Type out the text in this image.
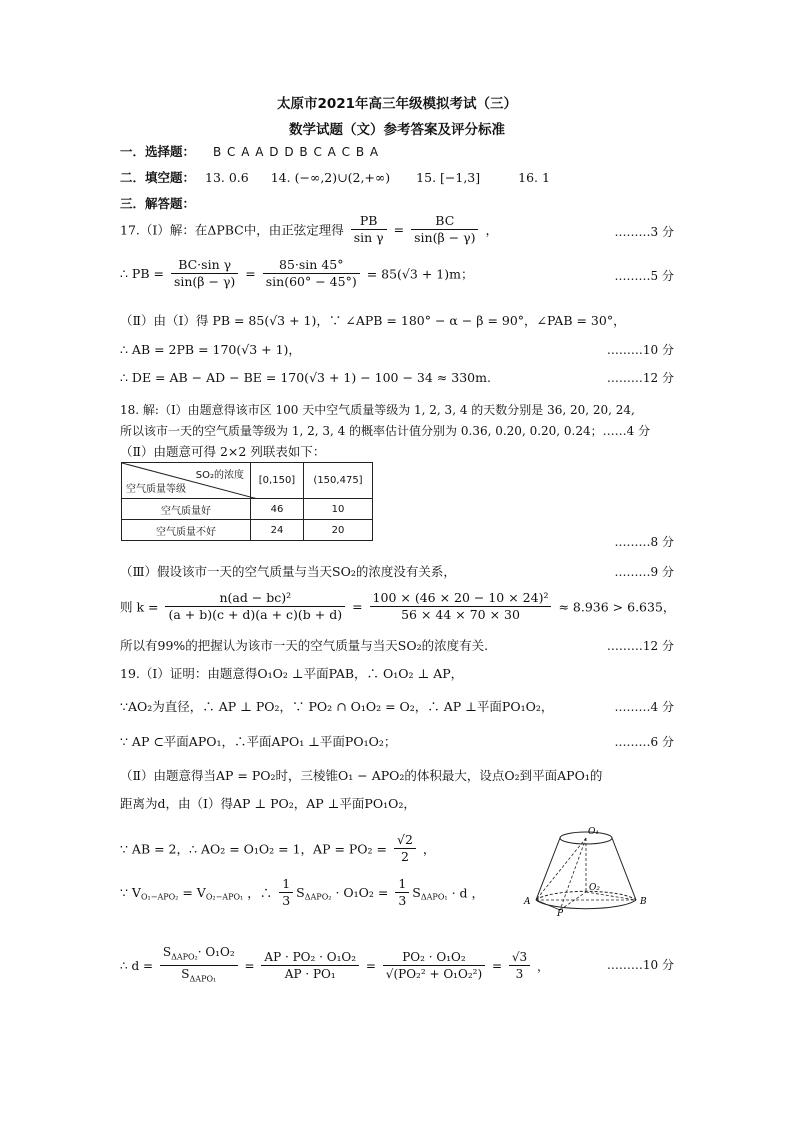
太原市2021年高三年级模拟考试（三）
数学试题（文）参考答案及评分标准
一．选择题： B C A A D D B C A C B A
二．填空题： 13. 0.6 14. (−∞,2)∪(2,+∞) 15. [−1,3]	16. 1
三．解答题：
17.（Ⅰ）解：在ΔPBC中，由正弦定理得 $\frac{PB}{\text{sin γ}} = \frac{BC}{\sin(\beta - \gamma)}$ ，	………3 分
∴ PB = $\frac{\text{BC·sin γ}}{\sin(\beta - \gamma)} = \frac{85\cdot\sin 45^\circ}{\sin(60^\circ - 45^\circ)} = 85(√3 + 1)m$；	………5 分
（Ⅱ）由（Ⅰ）得 PB = 85(√3 + 1)，∵ ∠APB = 180° − α − β = 90°，∠PAB = 30°，
∴ AB = 2PB = 170(√3 + 1)，	………10 分
∴ DE = AB − AD − BE = 170(√3 + 1) − 100 − 34 ≈ 330m.	………12 分
18. 解:（Ⅰ）由题意得该市区 100 天中空气质量等级为 1, 2, 3, 4 的天数分别是 36, 20, 20, 24,
所以该市一天的空气质量等级为 1, 2, 3, 4 的概率估计值分别为 0.36, 0.20, 0.20, 0.24；……4 分
（Ⅱ）由题意可得 2×2 列联表如下：
SO₂的浓度
空气质量等级	[0,150]	(150,475]
空气质量好	46	10
空气质量不好	24	20
………8 分
（Ⅲ）假设该市一天的空气质量与当天SO₂的浓度没有关系，	………9 分
则 $k = \frac{\text{n(ad − bc)²}}{(a + b)(c + d)(a + c)(b + d)} = \frac{\text{100 × (46 × 20 − 10 × 24)²}}{56 \times 44 \times 70 \times 30} \approx 8.936 > 6.635$，
所以有99%的把握认为该市一天的空气质量与当天SO₂的浓度有关.	………12 分
19.（Ⅰ）证明：由题意得O₁O₂ ⊥平面PAB，∴ O₁O₂ ⊥ AP，
∵AO₂为直径，∴ AP ⊥ PO₂，∵ PO₂ ∩ O₁O₂ = O₂，∴ AP ⊥平面PO₁O₂，	………4 分
∵ AP ⊂平面APO₁，∴平面APO₁ ⊥平面PO₁O₂；	………6 分
（Ⅱ）由题意得当AP = PO₂时，三棱锥O₁ − APO₂的体积最大，设点O₂到平面APO₁的
距离为d，由（Ⅰ）得AP ⊥ PO₂，AP ⊥平面PO₁O₂，
∵ AB = 2，∴ AO₂ = O₁O₂ = 1，AP = $PO_2 = \frac{√2}{2}$ ，
∵ $V_{O_1-APO_2} = V_{O_2-APO_1}$ ，∴ $\frac{1}{3} S_{\Delta APO_2} \cdot O_1O_2 = \frac{1}{3} S_{\Delta APO_1} \cdot d$ ，
∴ $d = \frac{S_{\Delta APO_2}\cdot O_1O_2}{S_{\Delta APO_1}} = \frac{\text{AP · PO₂ · O₁O₂}}{\text{AP · PO₁}} = \frac{\text{PO₂ · O₁O₂}}{\text{√(PO₂² + O₁O₂²)}} = \frac{√3}{3}$ ，	………10 分
O₁
O₂
A	B
P
